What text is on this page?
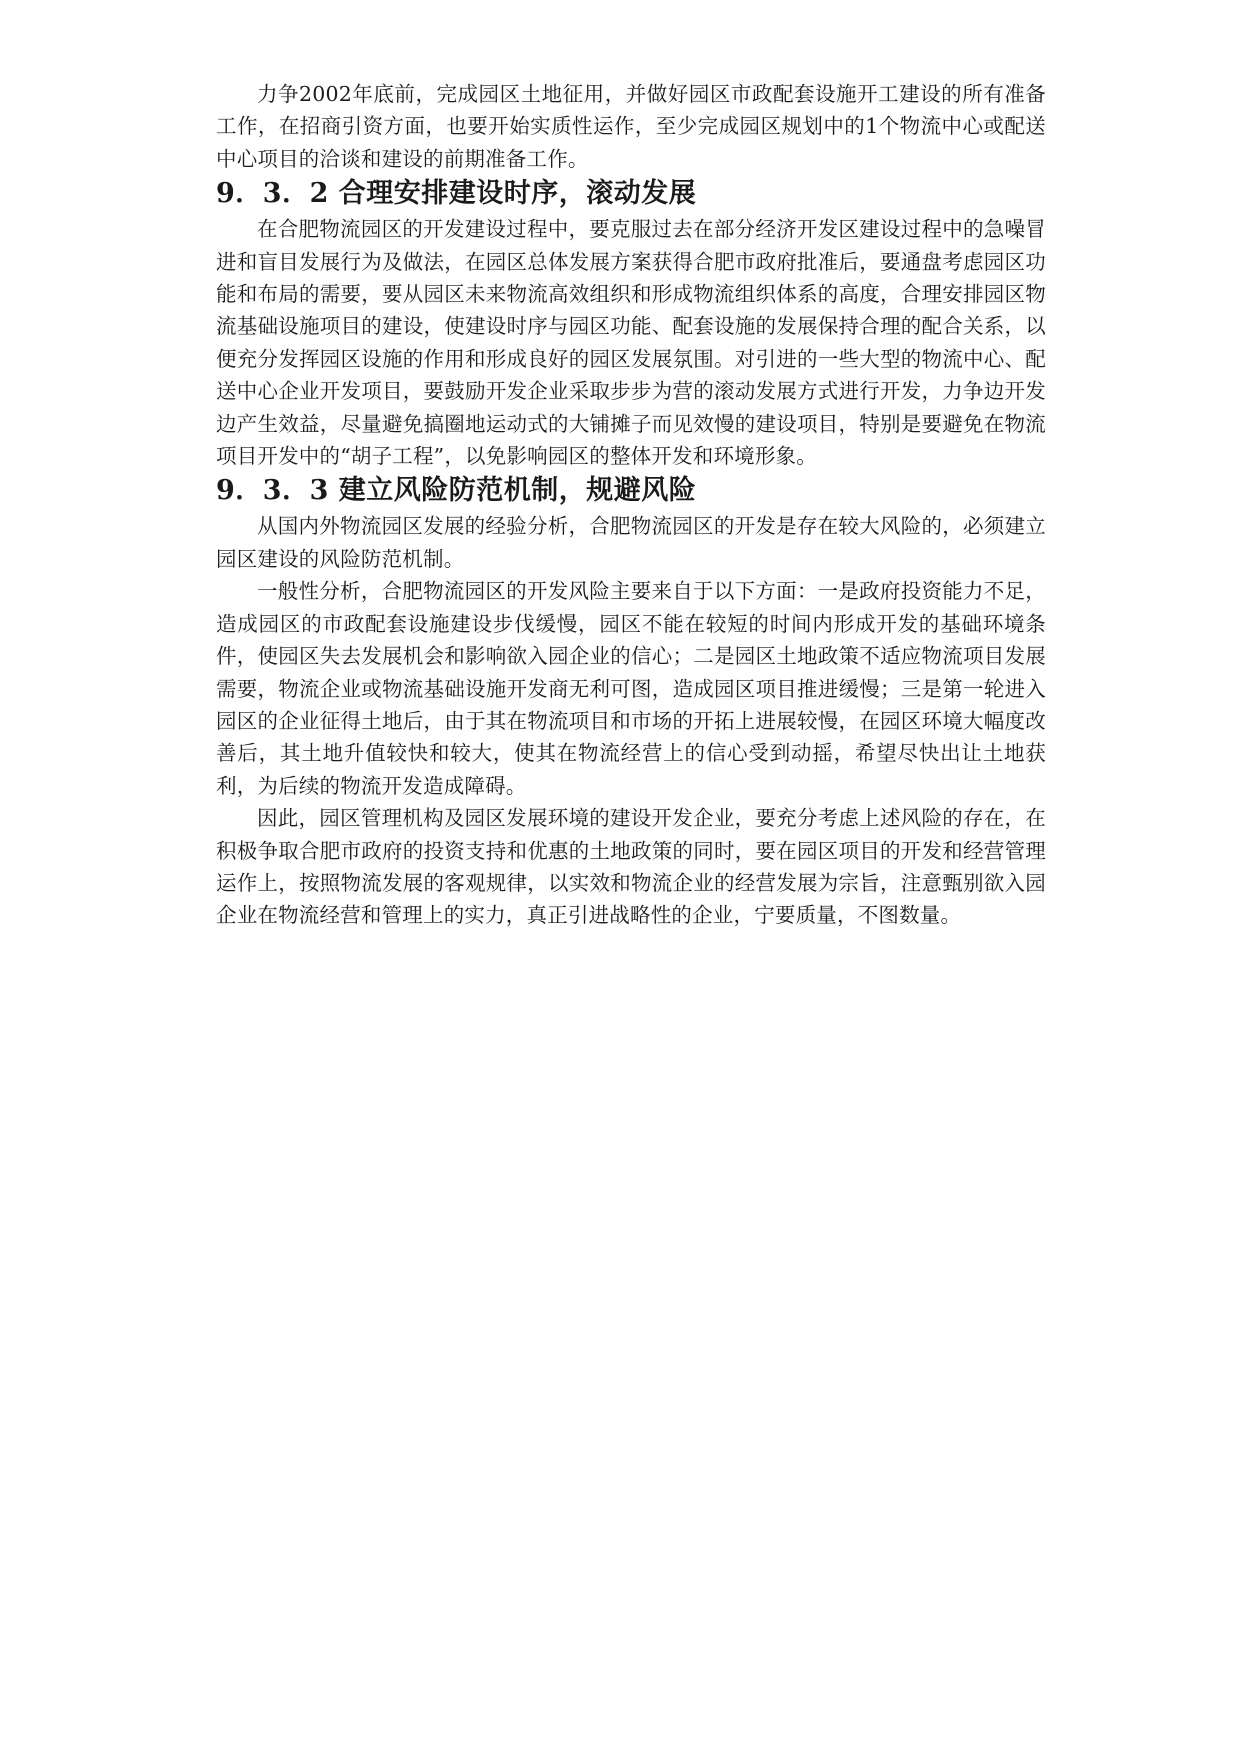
力争2002年底前，完成园区土地征用，并做好园区市政配套设施开工建设的所有准备工作，在招商引资方面，也要开始实质性运作，至少完成园区规划中的1个物流中心或配送中心项目的洽谈和建设的前期准备工作。

9．3．2 合理安排建设时序，滚动发展

在合肥物流园区的开发建设过程中，要克服过去在部分经济开发区建设过程中的急噪冒进和盲目发展行为及做法，在园区总体发展方案获得合肥市政府批准后，要通盘考虑园区功能和布局的需要，要从园区未来物流高效组织和形成物流组织体系的高度，合理安排园区物流基础设施项目的建设，使建设时序与园区功能、配套设施的发展保持合理的配合关系，以便充分发挥园区设施的作用和形成良好的园区发展氛围。对引进的一些大型的物流中心、配送中心企业开发项目，要鼓励开发企业采取步步为营的滚动发展方式进行开发，力争边开发边产生效益，尽量避免搞圈地运动式的大铺摊子而见效慢的建设项目，特别是要避免在物流项目开发中的“胡子工程”，以免影响园区的整体开发和环境形象。

9．3．3 建立风险防范机制，规避风险

从国内外物流园区发展的经验分析，合肥物流园区的开发是存在较大风险的，必须建立园区建设的风险防范机制。

一般性分析，合肥物流园区的开发风险主要来自于以下方面：一是政府投资能力不足，造成园区的市政配套设施建设步伐缓慢，园区不能在较短的时间内形成开发的基础环境条件，使园区失去发展机会和影响欲入园企业的信心；二是园区土地政策不适应物流项目发展需要，物流企业或物流基础设施开发商无利可图，造成园区项目推进缓慢；三是第一轮进入园区的企业征得土地后，由于其在物流项目和市场的开拓上进展较慢，在园区环境大幅度改善后，其土地升值较快和较大，使其在物流经营上的信心受到动摇，希望尽快出让土地获利，为后续的物流开发造成障碍。

因此，园区管理机构及园区发展环境的建设开发企业，要充分考虑上述风险的存在，在积极争取合肥市政府的投资支持和优惠的土地政策的同时，要在园区项目的开发和经营管理运作上，按照物流发展的客观规律，以实效和物流企业的经营发展为宗旨，注意甄别欲入园企业在物流经营和管理上的实力，真正引进战略性的企业，宁要质量，不图数量。
